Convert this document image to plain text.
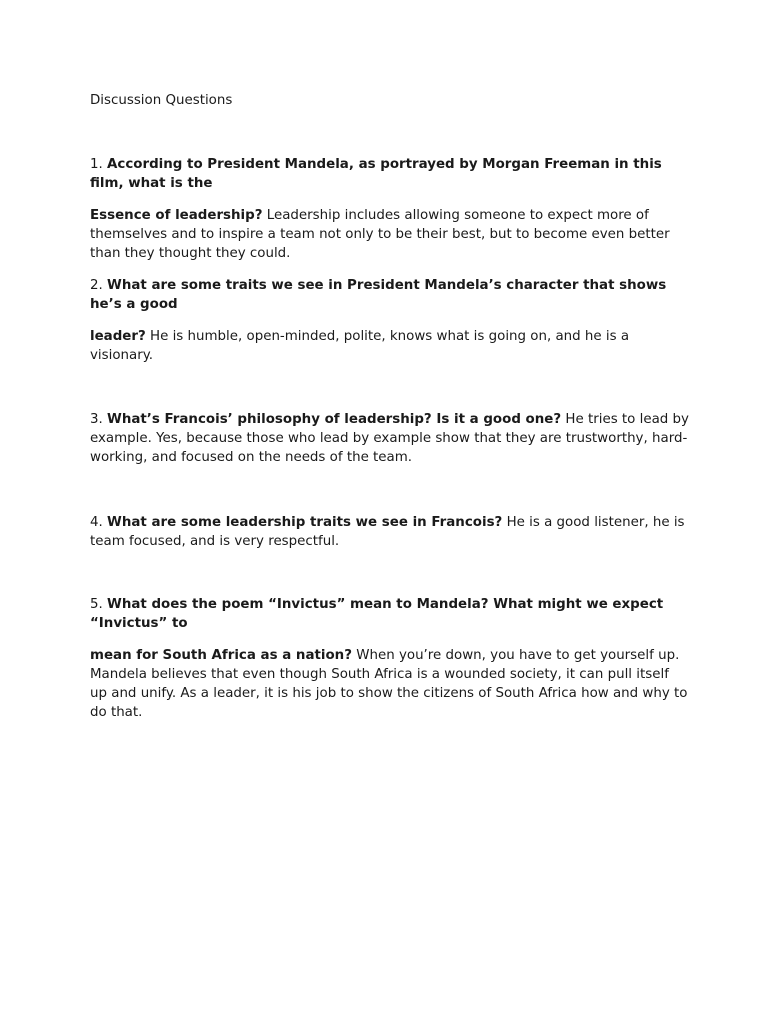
Discussion Questions

1. According to President Mandela, as portrayed by Morgan Freeman in this film, what is the

Essence of leadership? Leadership includes allowing someone to expect more of themselves and to inspire a team not only to be their best, but to become even better than they thought they could.

2. What are some traits we see in President Mandela’s character that shows he’s a good

leader? He is humble, open-minded, polite, knows what is going on, and he is a visionary.

3. What’s Francois’ philosophy of leadership? Is it a good one? He tries to lead by example. Yes, because those who lead by example show that they are trustworthy, hard-working, and focused on the needs of the team.

4. What are some leadership traits we see in Francois? He is a good listener, he is team focused, and is very respectful.

5. What does the poem “Invictus” mean to Mandela? What might we expect “Invictus” to

mean for South Africa as a nation? When you’re down, you have to get yourself up. Mandela believes that even though South Africa is a wounded society, it can pull itself up and unify. As a leader, it is his job to show the citizens of South Africa how and why to do that.
